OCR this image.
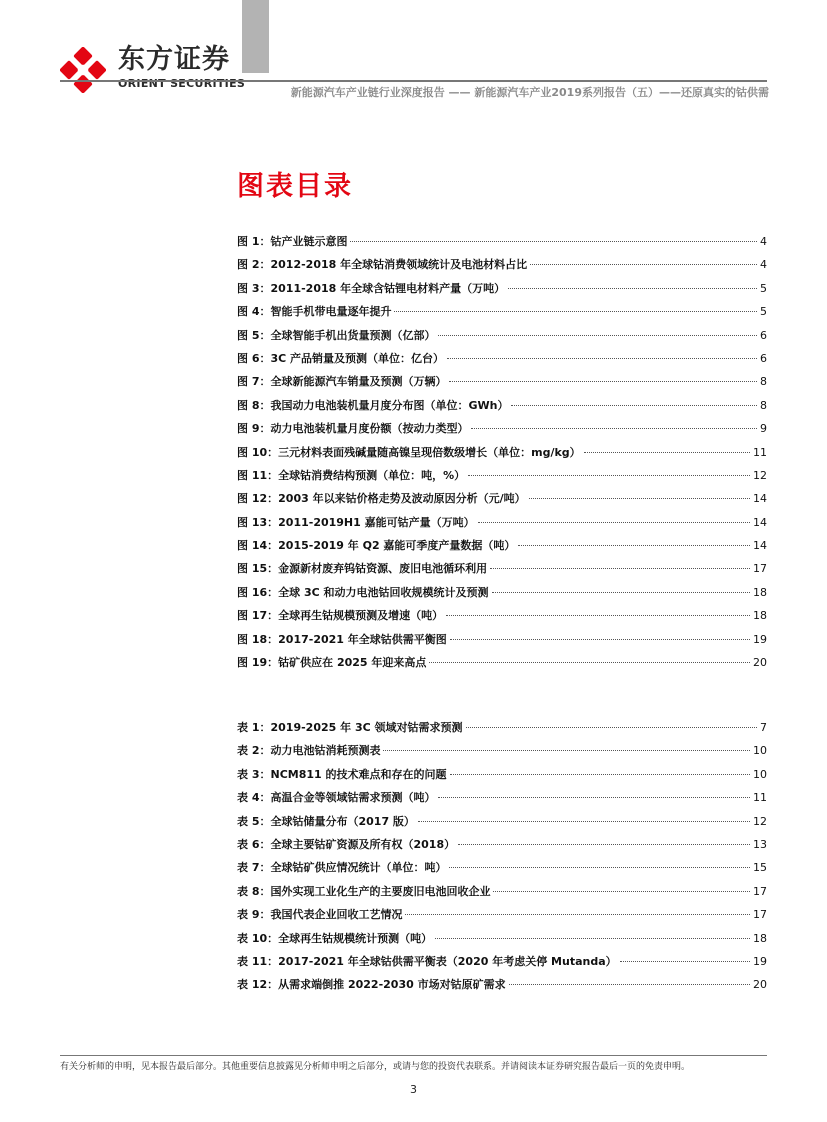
东方证券
ORIENT SECURITIES
新能源汽车产业链行业深度报告 —— 新能源汽车产业2019系列报告（五）——还原真实的钴供需
图表目录
图 1：钴产业链示意图	4
图 2：2012-2018 年全球钴消费领域统计及电池材料占比	4
图 3：2011-2018 年全球含钴锂电材料产量（万吨）	5
图 4：智能手机带电量逐年提升	5
图 5：全球智能手机出货量预测（亿部）	6
图 6：3C 产品销量及预测（单位：亿台）	6
图 7：全球新能源汽车销量及预测（万辆）	8
图 8：我国动力电池装机量月度分布图（单位：GWh）	8
图 9：动力电池装机量月度份额（按动力类型）	9
图 10：三元材料表面残碱量随高镍呈现倍数级增长（单位：mg/kg）	11
图 11：全球钴消费结构预测（单位：吨，%）	12
图 12：2003 年以来钴价格走势及波动原因分析（元/吨）	14
图 13：2011-2019H1 嘉能可钴产量（万吨）	14
图 14：2015-2019 年 Q2 嘉能可季度产量数据（吨）	14
图 15：金源新材废弃钨钴资源、废旧电池循环利用	17
图 16：全球 3C 和动力电池钴回收规模统计及预测	18
图 17：全球再生钴规模预测及增速（吨）	18
图 18：2017-2021 年全球钴供需平衡图	19
图 19：钴矿供应在 2025 年迎来高点	20
表 1：2019-2025 年 3C 领域对钴需求预测	7
表 2：动力电池钴消耗预测表	10
表 3：NCM811 的技术难点和存在的问题	10
表 4：高温合金等领域钴需求预测（吨）	11
表 5：全球钴储量分布（2017 版）	12
表 6：全球主要钴矿资源及所有权（2018）	13
表 7：全球钴矿供应情况统计（单位：吨）	15
表 8：国外实现工业化生产的主要废旧电池回收企业	17
表 9：我国代表企业回收工艺情况	17
表 10：全球再生钴规模统计预测（吨）	18
表 11：2017-2021 年全球钴供需平衡表（2020 年考虑关停 Mutanda）	19
表 12：从需求端倒推 2022-2030 市场对钴原矿需求	20
有关分析师的申明，见本报告最后部分。其他重要信息披露见分析师申明之后部分，或请与您的投资代表联系。并请阅读本证券研究报告最后一页的免责申明。
3
